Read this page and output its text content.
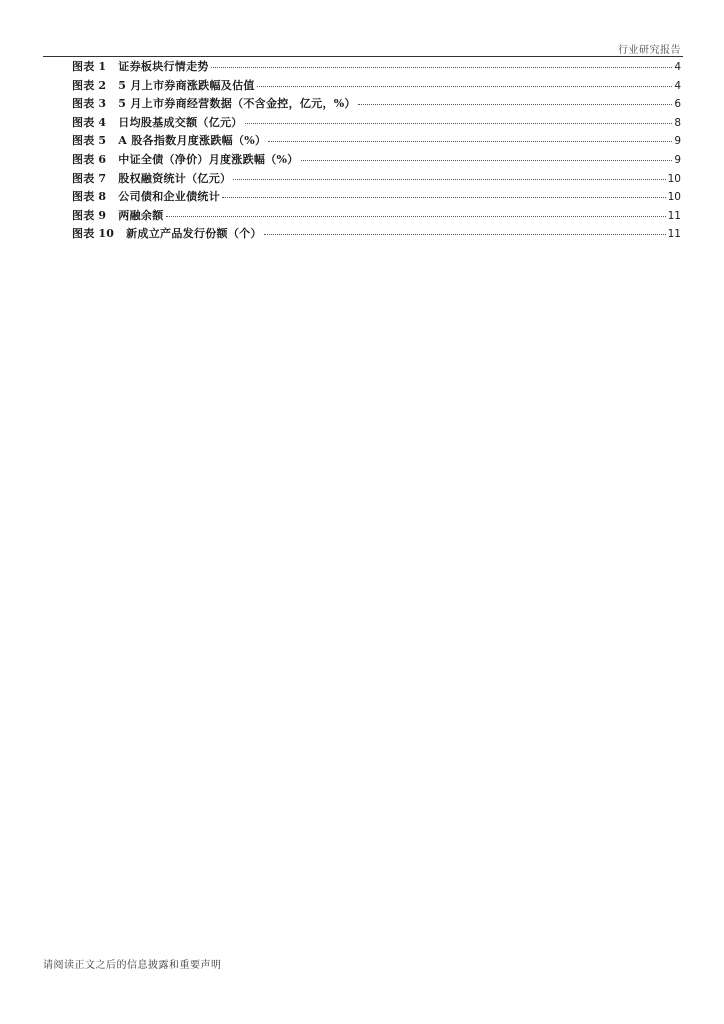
行业研究报告
图表 1 证券板块行情走势	4
图表 2 5 月上市券商涨跌幅及估值	4
图表 3 5 月上市券商经营数据（不含金控，亿元，%）	6
图表 4 日均股基成交额（亿元）	8
图表 5 A 股各指数月度涨跌幅（%）	9
图表 6 中证全债（净价）月度涨跌幅（%）	9
图表 7 股权融资统计（亿元）	10
图表 8 公司债和企业债统计	10
图表 9 两融余额	11
图表 10 新成立产品发行份额（个）	11
请阅读正文之后的信息披露和重要声明
